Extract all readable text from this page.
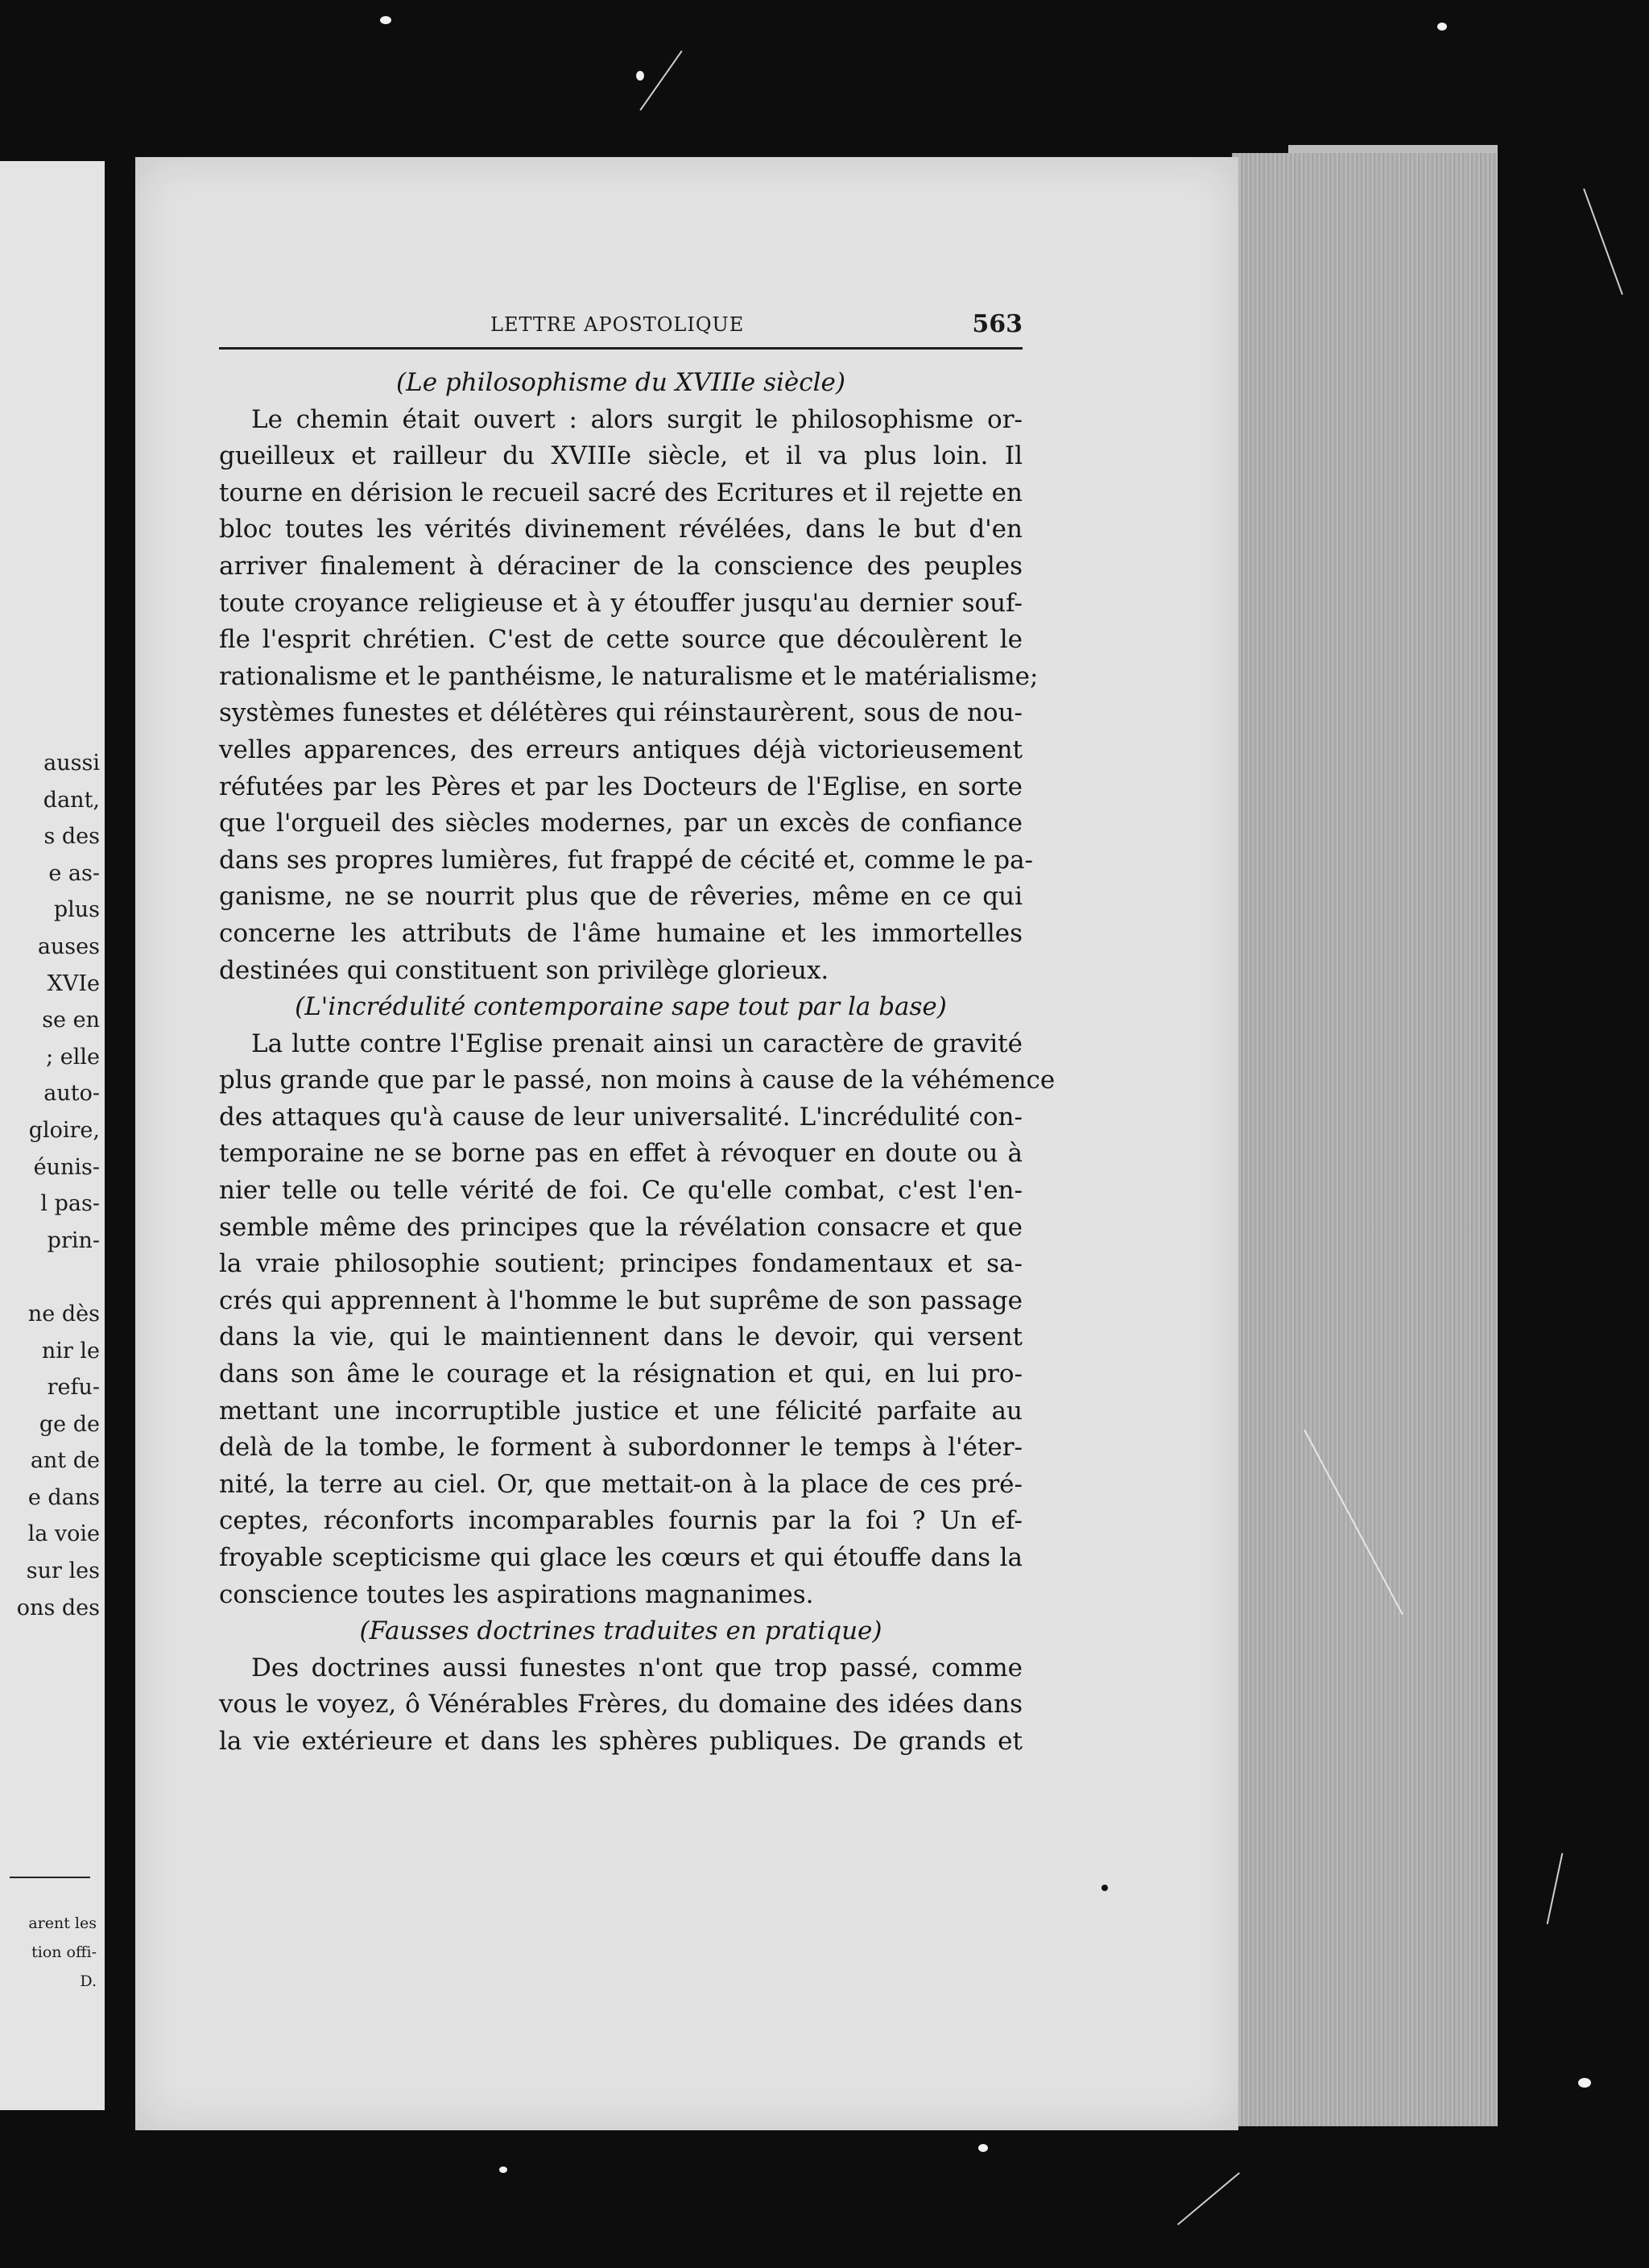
aussi
dant,
s des
e as-
plus
auses
XVIe
se en
; elle
auto-
gloire,
éunis-
l pas-
prin-

ne dès
nir le
refu-
ge de
ant de
e dans
la voie
sur les
ons des
arent les
tion offi-
D.
LETTRE APOSTOLIQUE	563
(Le philosophisme du XVIIIe siècle)
Le chemin était ouvert : alors surgit le philosophisme or-
gueilleux et railleur du XVIIIe siècle, et il va plus loin. Il
tourne en dérision le recueil sacré des Ecritures et il rejette en
bloc toutes les vérités divinement révélées, dans le but d'en
arriver finalement à déraciner de la conscience des peuples
toute croyance religieuse et à y étouffer jusqu'au dernier souf-
fle l'esprit chrétien. C'est de cette source que découlèrent le
rationalisme et le panthéisme, le naturalisme et le matérialisme;
systèmes funestes et délétères qui réinstaurèrent, sous de nou-
velles apparences, des erreurs antiques déjà victorieusement
réfutées par les Pères et par les Docteurs de l'Eglise, en sorte
que l'orgueil des siècles modernes, par un excès de confiance
dans ses propres lumières, fut frappé de cécité et, comme le pa-
ganisme, ne se nourrit plus que de rêveries, même en ce qui
concerne les attributs de l'âme humaine et les immortelles
destinées qui constituent son privilège glorieux.
(L'incrédulité contemporaine sape tout par la base)
La lutte contre l'Eglise prenait ainsi un caractère de gravité
plus grande que par le passé, non moins à cause de la véhémence
des attaques qu'à cause de leur universalité. L'incrédulité con-
temporaine ne se borne pas en effet à révoquer en doute ou à
nier telle ou telle vérité de foi. Ce qu'elle combat, c'est l'en-
semble même des principes que la révélation consacre et que
la vraie philosophie soutient; principes fondamentaux et sa-
crés qui apprennent à l'homme le but suprême de son passage
dans la vie, qui le maintiennent dans le devoir, qui versent
dans son âme le courage et la résignation et qui, en lui pro-
mettant une incorruptible justice et une félicité parfaite au
delà de la tombe, le forment à subordonner le temps à l'éter-
nité, la terre au ciel. Or, que mettait-on à la place de ces pré-
ceptes, réconforts incomparables fournis par la foi ? Un ef-
froyable scepticisme qui glace les cœurs et qui étouffe dans la
conscience toutes les aspirations magnanimes.
(Fausses doctrines traduites en pratique)
Des doctrines aussi funestes n'ont que trop passé, comme
vous le voyez, ô Vénérables Frères, du domaine des idées dans
la vie extérieure et dans les sphères publiques. De grands et
